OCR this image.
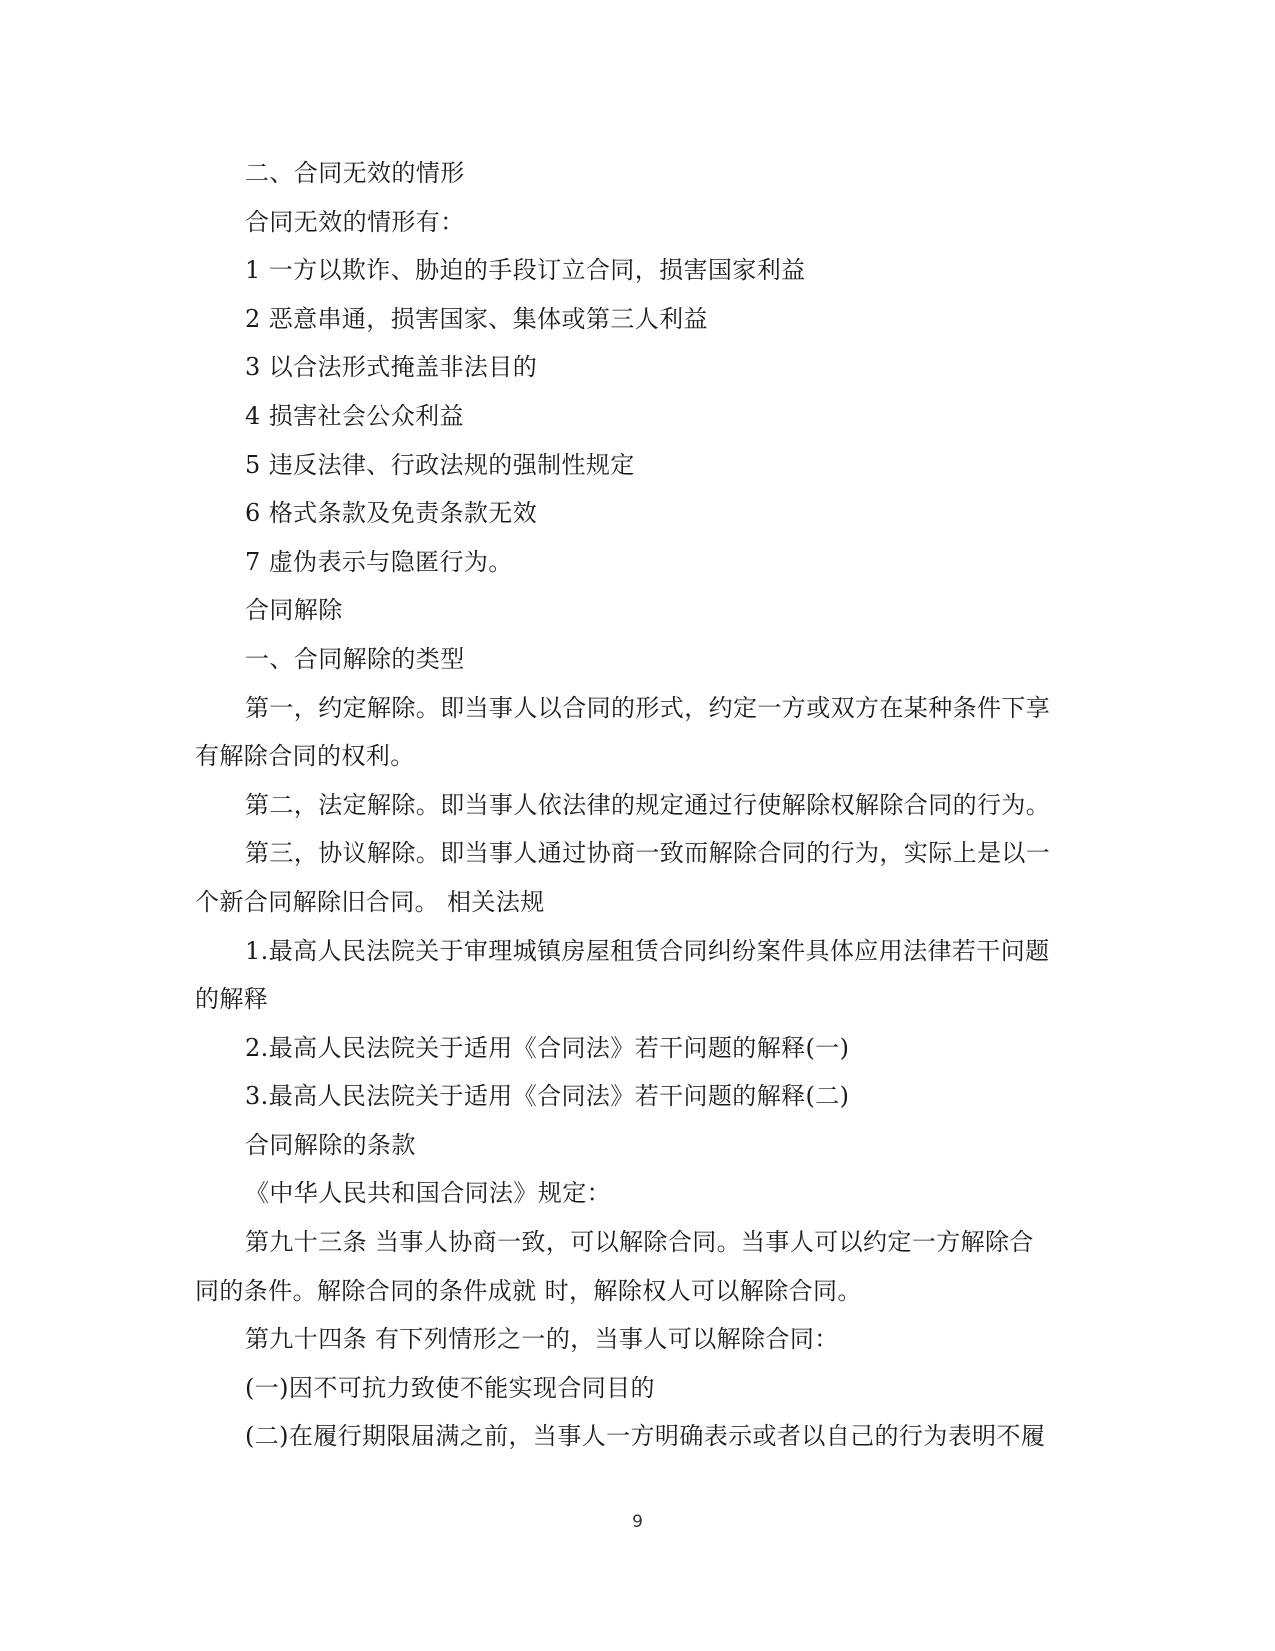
二、合同无效的情形
合同无效的情形有：
1 一方以欺诈、胁迫的手段订立合同，损害国家利益
2 恶意串通，损害国家、集体或第三人利益
3 以合法形式掩盖非法目的
4 损害社会公众利益
5 违反法律、行政法规的强制性规定
6 格式条款及免责条款无效
7 虚伪表示与隐匿行为。
合同解除
一、合同解除的类型
第一，约定解除。即当事人以合同的形式，约定一方或双方在某种条件下享
有解除合同的权利。
第二，法定解除。即当事人依法律的规定通过行使解除权解除合同的行为。
第三，协议解除。即当事人通过协商一致而解除合同的行为，实际上是以一
个新合同解除旧合同。 相关法规
1.最高人民法院关于审理城镇房屋租赁合同纠纷案件具体应用法律若干问题
的解释
2.最高人民法院关于适用《合同法》若干问题的解释(一)
3.最高人民法院关于适用《合同法》若干问题的解释(二)
合同解除的条款
《中华人民共和国合同法》规定：
第九十三条 当事人协商一致，可以解除合同。当事人可以约定一方解除合
同的条件。解除合同的条件成就 时，解除权人可以解除合同。
第九十四条 有下列情形之一的，当事人可以解除合同：
(一)因不可抗力致使不能实现合同目的
(二)在履行期限届满之前，当事人一方明确表示或者以自己的行为表明不履
9
